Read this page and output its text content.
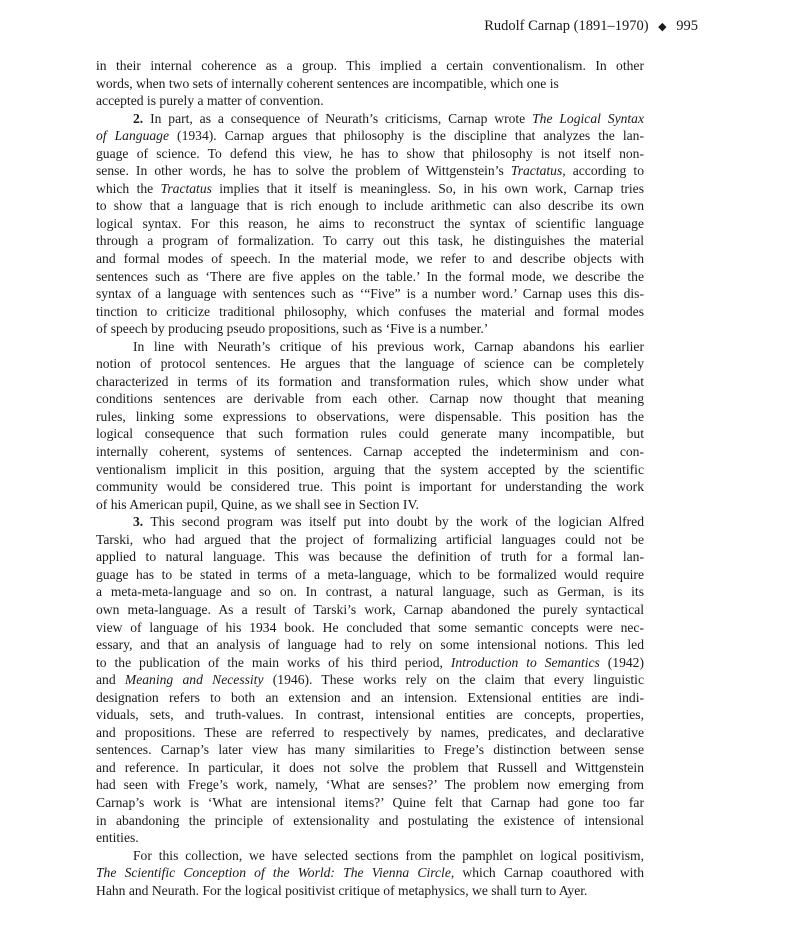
Rudolf Carnap (1891–1970) ◆ 995
in their internal coherence as a group. This implied a certain conventionalism. In other
words, when two sets of internally coherent sentences are incompatible, which one is
accepted is purely a matter of convention.
2. In part, as a consequence of Neurath’s criticisms, Carnap wrote The Logical Syntax
of Language (1934). Carnap argues that philosophy is the discipline that analyzes the lan-
guage of science. To defend this view, he has to show that philosophy is not itself non-
sense. In other words, he has to solve the problem of Wittgenstein’s Tractatus, according to
which the Tractatus implies that it itself is meaningless. So, in his own work, Carnap tries
to show that a language that is rich enough to include arithmetic can also describe its own
logical syntax. For this reason, he aims to reconstruct the syntax of scientific language
through a program of formalization. To carry out this task, he distinguishes the material
and formal modes of speech. In the material mode, we refer to and describe objects with
sentences such as ‘There are five apples on the table.’ In the formal mode, we describe the
syntax of a language with sentences such as ‘“Five” is a number word.’ Carnap uses this dis-
tinction to criticize traditional philosophy, which confuses the material and formal modes
of speech by producing pseudo propositions, such as ‘Five is a number.’
In line with Neurath’s critique of his previous work, Carnap abandons his earlier
notion of protocol sentences. He argues that the language of science can be completely
characterized in terms of its formation and transformation rules, which show under what
conditions sentences are derivable from each other. Carnap now thought that meaning
rules, linking some expressions to observations, were dispensable. This position has the
logical consequence that such formation rules could generate many incompatible, but
internally coherent, systems of sentences. Carnap accepted the indeterminism and con-
ventionalism implicit in this position, arguing that the system accepted by the scientific
community would be considered true. This point is important for understanding the work
of his American pupil, Quine, as we shall see in Section IV.
3. This second program was itself put into doubt by the work of the logician Alfred
Tarski, who had argued that the project of formalizing artificial languages could not be
applied to natural language. This was because the definition of truth for a formal lan-
guage has to be stated in terms of a meta-language, which to be formalized would require
a meta-meta-language and so on. In contrast, a natural language, such as German, is its
own meta-language. As a result of Tarski’s work, Carnap abandoned the purely syntactical
view of language of his 1934 book. He concluded that some semantic concepts were nec-
essary, and that an analysis of language had to rely on some intensional notions. This led
to the publication of the main works of his third period, Introduction to Semantics (1942)
and Meaning and Necessity (1946). These works rely on the claim that every linguistic
designation refers to both an extension and an intension. Extensional entities are indi-
viduals, sets, and truth-values. In contrast, intensional entities are concepts, properties,
and propositions. These are referred to respectively by names, predicates, and declarative
sentences. Carnap’s later view has many similarities to Frege’s distinction between sense
and reference. In particular, it does not solve the problem that Russell and Wittgenstein
had seen with Frege’s work, namely, ‘What are senses?’ The problem now emerging from
Carnap’s work is ‘What are intensional items?’ Quine felt that Carnap had gone too far
in abandoning the principle of extensionality and postulating the existence of intensional
entities.
For this collection, we have selected sections from the pamphlet on logical positivism,
The Scientific Conception of the World: The Vienna Circle, which Carnap coauthored with
Hahn and Neurath. For the logical positivist critique of metaphysics, we shall turn to Ayer.
